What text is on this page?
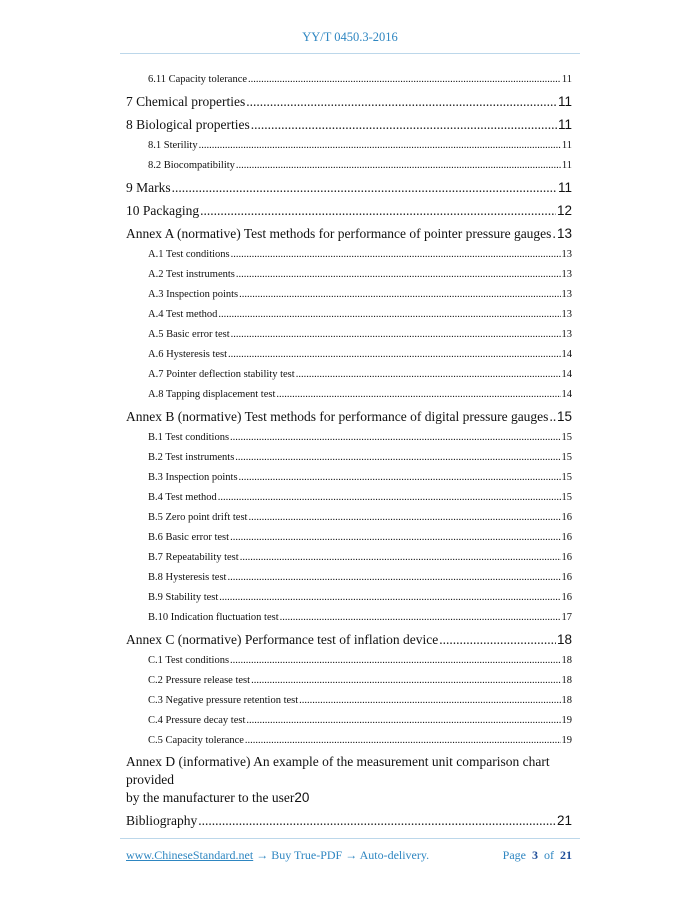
YY/T 0450.3-2016
6.11 Capacity tolerance .....	11
7 Chemical properties .....	11
8 Biological properties .....	11
8.1 Sterility .....	11
8.2 Biocompatibility .....	11
9 Marks .....	11
10 Packaging .....	12
Annex A (normative) Test methods for performance of pointer pressure gauges ..... 13
A.1 Test conditions .....	13
A.2 Test instruments .....	13
A.3 Inspection points .....	13
A.4 Test method .....	13
A.5 Basic error test .....	13
A.6 Hysteresis test .....	14
A.7 Pointer deflection stability test .....	14
A.8 Tapping displacement test .....	14
Annex B (normative) Test methods for performance of digital pressure gauges ..... 15
B.1 Test conditions .....	15
B.2 Test instruments .....	15
B.3 Inspection points .....	15
B.4 Test method .....	15
B.5 Zero point drift test .....	16
B.6 Basic error test .....	16
B.7 Repeatability test .....	16
B.8 Hysteresis test .....	16
B.9 Stability test .....	16
B.10 Indication fluctuation test .....	17
Annex C (normative) Performance test of inflation device .....	18
C.1 Test conditions .....	18
C.2 Pressure release test .....	18
C.3 Negative pressure retention test .....	18
C.4 Pressure decay test .....	19
C.5 Capacity tolerance .....	19
Annex D (informative) An example of the measurement unit comparison chart provided
by the manufacturer to the user 20
Bibliography .....	21
www.ChineseStandard.net → Buy True-PDF → Auto-delivery.	Page 3 of 21
